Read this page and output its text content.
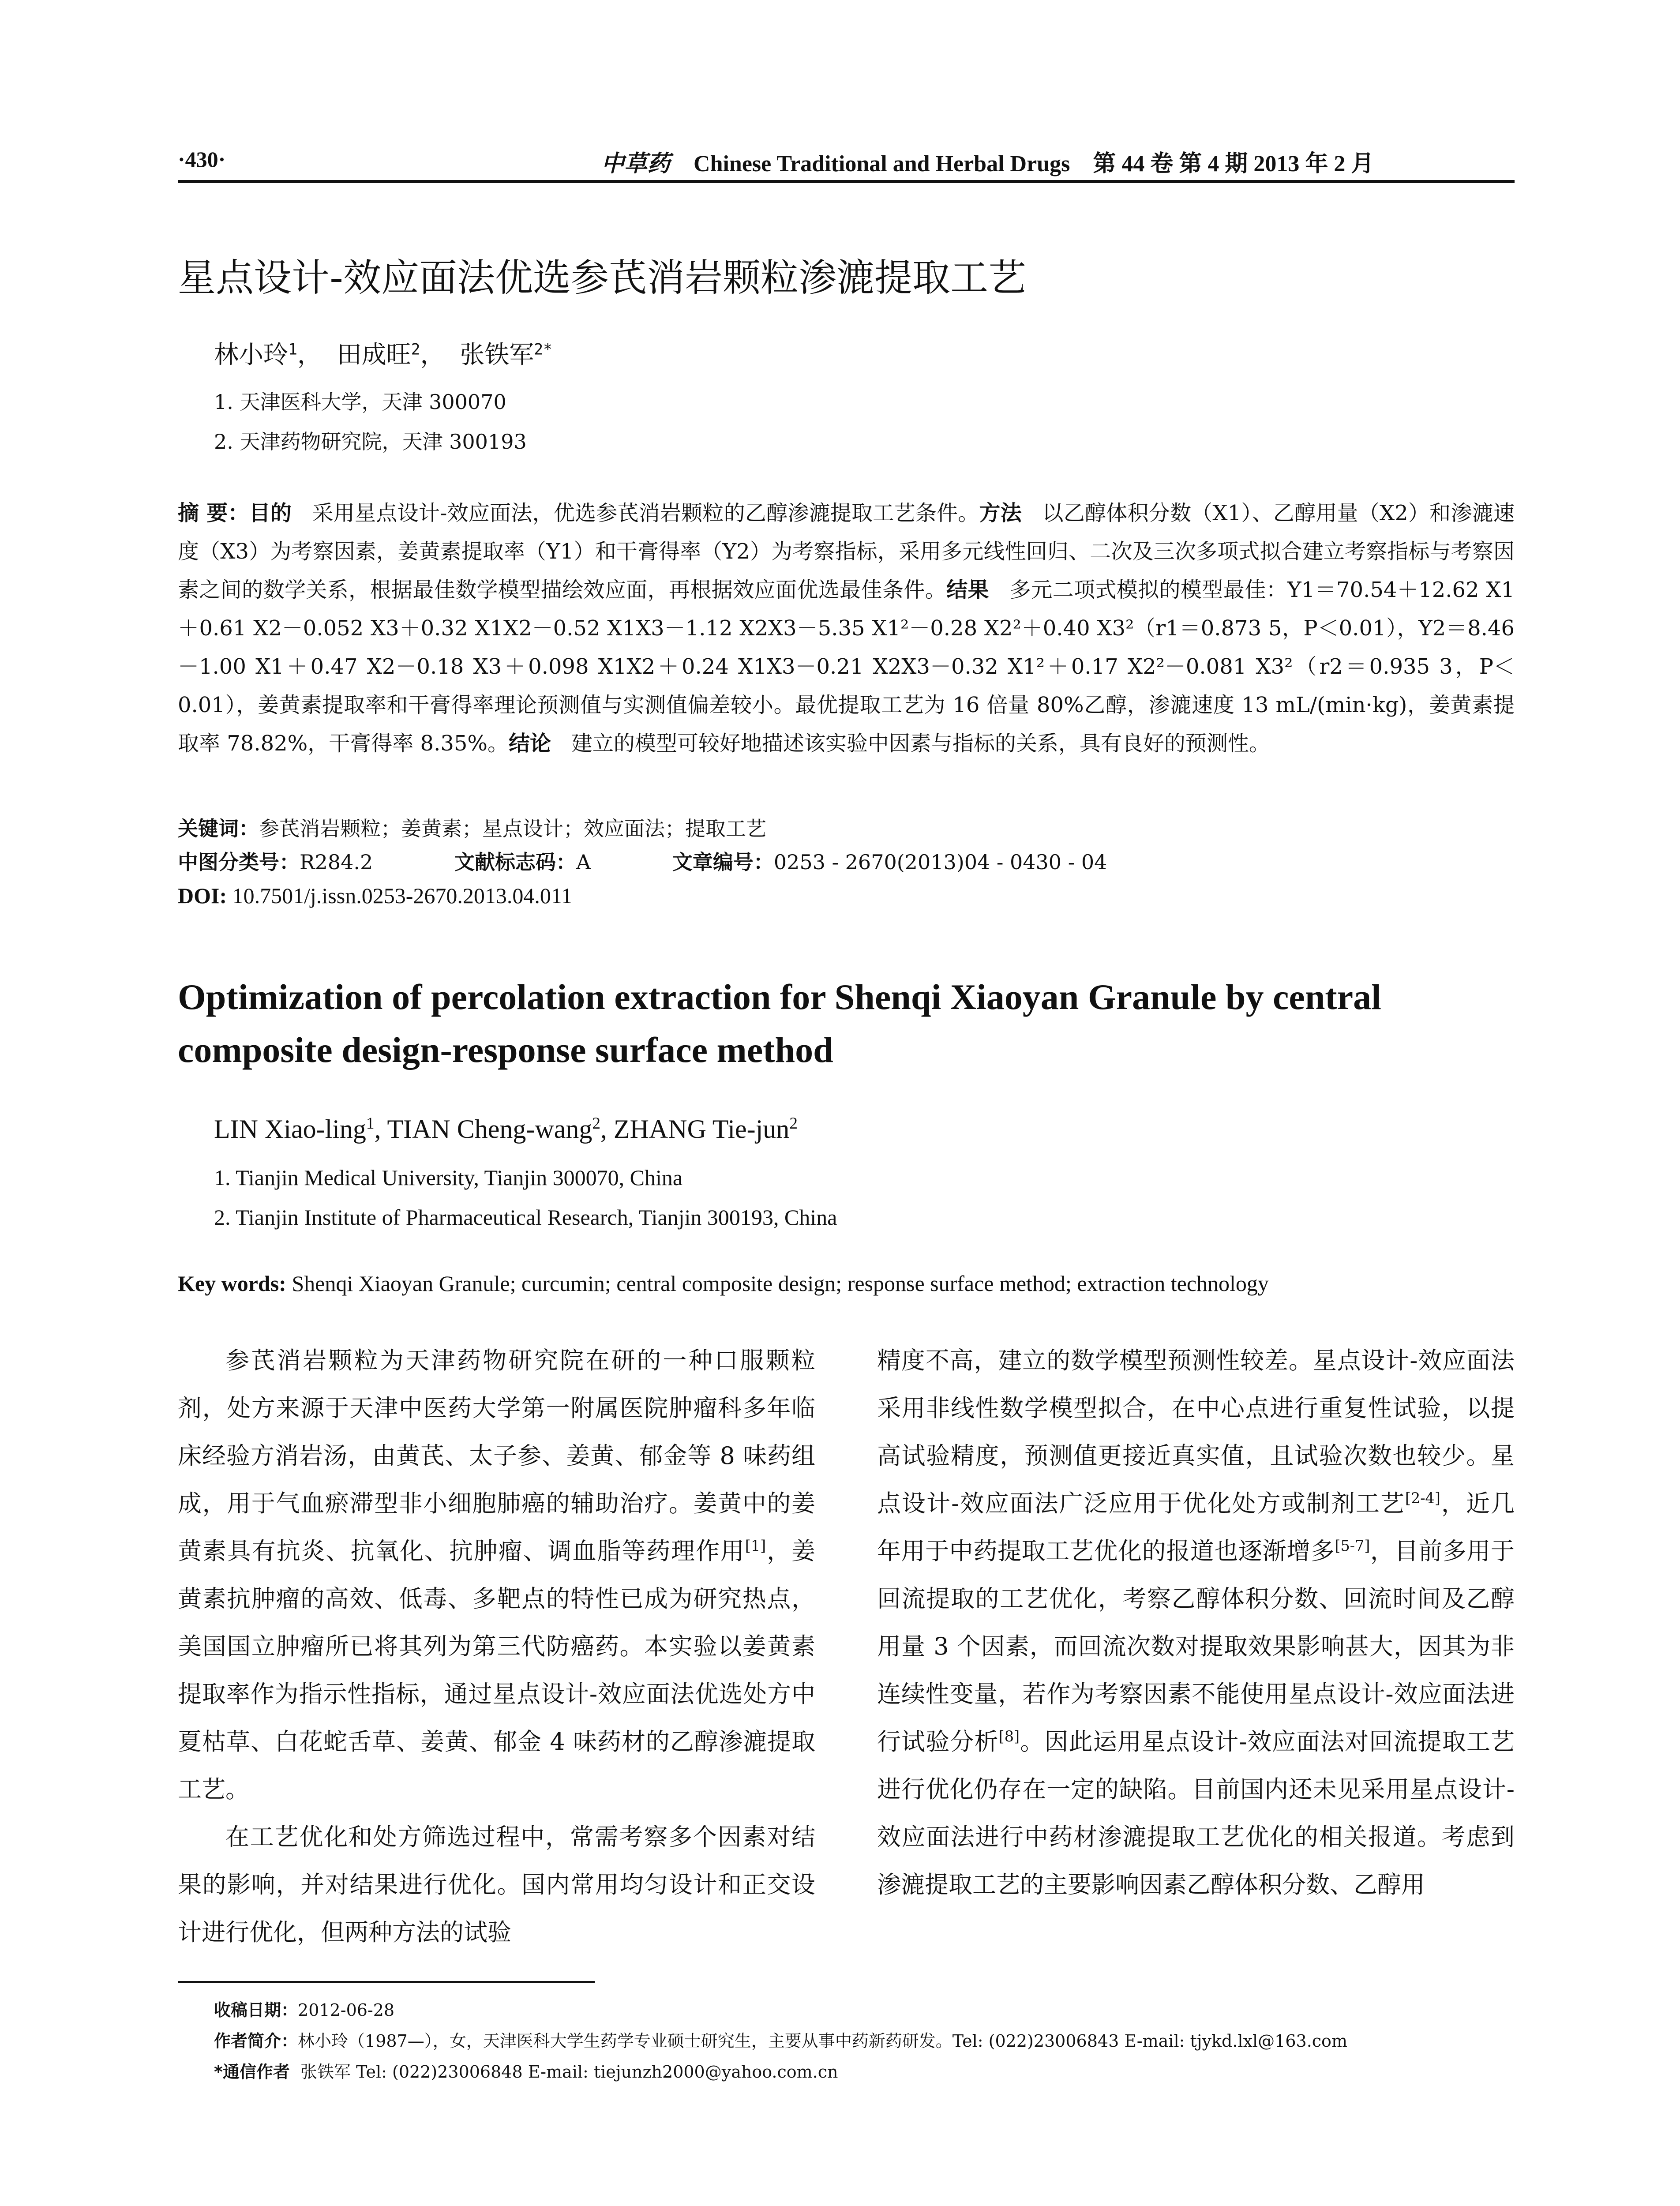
·430·	中草药 Chinese Traditional and Herbal Drugs 第 44 卷 第 4 期 2013 年 2 月
星点设计-效应面法优选参芪消岩颗粒渗漉提取工艺
林小玲$^1$， 田成旺$^2$， 张铁军$^{2*}$
1. 天津医科大学，天津 300070
2. 天津药物研究院，天津 300193
摘 要：目的 采用星点设计-效应面法，优选参芪消岩颗粒的乙醇渗漉提取工艺条件。方法 以乙醇体积分数（X1）、乙醇用量（X2）和渗漉速度（X3）为考察因素，姜黄素提取率（Y1）和干膏得率（Y2）为考察指标，采用多元线性回归、二次及三次多项式拟合建立考察指标与考察因素之间的数学关系，根据最佳数学模型描绘效应面，再根据效应面优选最佳条件。结果 多元二项式模拟的模型最佳：Y1＝70.54＋12.62 X1＋0.61 X2－0.052 X3＋0.32 X1X2－0.52 X1X3－1.12 X2X3－5.35 X1²－0.28 X2²＋0.40 X3²（r1＝0.873 5，P＜0.01），Y2＝8.46－1.00 X1＋0.47 X2－0.18 X3＋0.098 X1X2＋0.24 X1X3－0.21 X2X3－0.32 X1²＋0.17 X2²－0.081 X3²（r2＝0.935 3，P＜0.01），姜黄素提取率和干膏得率理论预测值与实测值偏差较小。最优提取工艺为 16 倍量 80%乙醇，渗漉速度 13 mL/(min·kg)，姜黄素提取率 78.82%，干膏得率 8.35%。结论 建立的模型可较好地描述该实验中因素与指标的关系，具有良好的预测性。
关键词：参芪消岩颗粒；姜黄素；星点设计；效应面法；提取工艺
中图分类号：R284.2	文献标志码：A	文章编号：0253 - 2670(2013)04 - 0430 - 04
DOI: 10.7501/j.issn.0253-2670.2013.04.011
Optimization of percolation extraction for Shenqi Xiaoyan Granule by central composite design-response surface method
LIN Xiao-ling$^1$, TIAN Cheng-wang$^2$, ZHANG Tie-jun$^2$
1. Tianjin Medical University, Tianjin 300070, China
2. Tianjin Institute of Pharmaceutical Research, Tianjin 300193, China
Key words: Shenqi Xiaoyan Granule; curcumin; central composite design; response surface method; extraction technology

参芪消岩颗粒为天津药物研究院在研的一种口服颗粒剂，处方来源于天津中医药大学第一附属医院肿瘤科多年临床经验方消岩汤，由黄芪、太子参、姜黄、郁金等 8 味药组成，用于气血瘀滞型非小细胞肺癌的辅助治疗。姜黄中的姜黄素具有抗炎、抗氧化、抗肿瘤、调血脂等药理作用[1]，姜黄素抗肿瘤的高效、低毒、多靶点的特性已成为研究热点，美国国立肿瘤所已将其列为第三代防癌药。本实验以姜黄素提取率作为指示性指标，通过星点设计-效应面法优选处方中夏枯草、白花蛇舌草、姜黄、郁金 4 味药材的乙醇渗漉提取工艺。

在工艺优化和处方筛选过程中，常需考察多个因素对结果的影响，并对结果进行优化。国内常用均匀设计和正交设计进行优化，但两种方法的试验

精度不高，建立的数学模型预测性较差。星点设计-效应面法采用非线性数学模型拟合，在中心点进行重复性试验，以提高试验精度，预测值更接近真实值，且试验次数也较少。星点设计-效应面法广泛应用于优化处方或制剂工艺[2-4]，近几年用于中药提取工艺优化的报道也逐渐增多[5-7]，目前多用于回流提取的工艺优化，考察乙醇体积分数、回流时间及乙醇用量 3 个因素，而回流次数对提取效果影响甚大，因其为非连续性变量，若作为考察因素不能使用星点设计-效应面法进行试验分析[8]。因此运用星点设计-效应面法对回流提取工艺进行优化仍存在一定的缺陷。目前国内还未见采用星点设计-效应面法进行中药材渗漉提取工艺优化的相关报道。考虑到渗漉提取工艺的主要影响因素乙醇体积分数、乙醇用

收稿日期：2012-06-28
作者简介：林小玲（1987—），女，天津医科大学生药学专业硕士研究生，主要从事中药新药研发。Tel: (022)23006843 E-mail: tjykd.lxl@163.com
*通信作者 张铁军 Tel: (022)23006848 E-mail: tiejunzh2000@yahoo.com.cn
